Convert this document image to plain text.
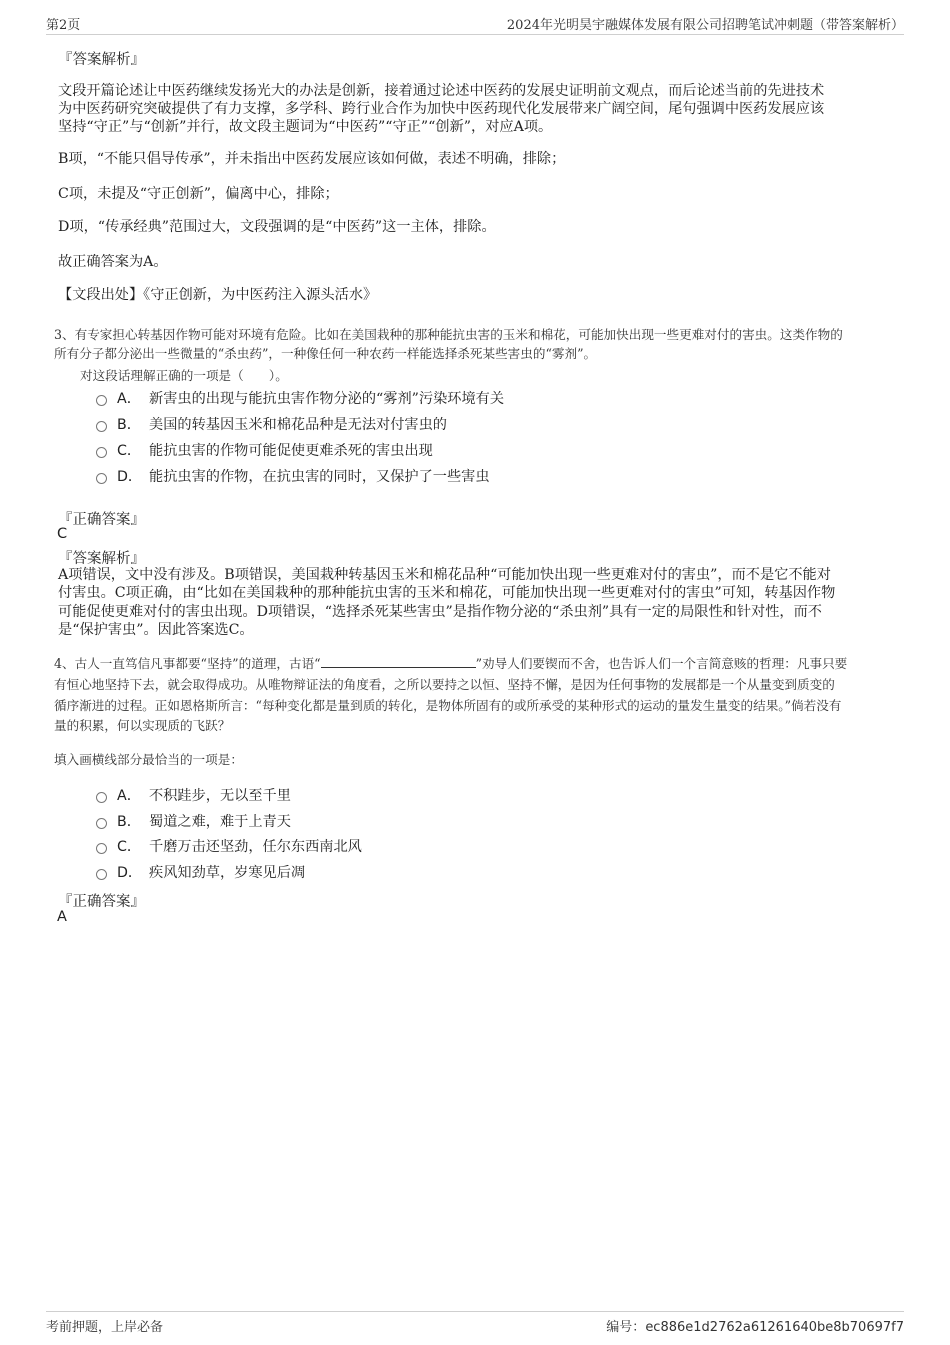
第2页	2024年光明昊宇融媒体发展有限公司招聘笔试冲刺题（带答案解析）
『答案解析』
文段开篇论述让中医药继续发扬光大的办法是创新，接着通过论述中医药的发展史证明前文观点，而后论述当前的先进技术
为中医药研究突破提供了有力支撑，多学科、跨行业合作为加快中医药现代化发展带来广阔空间，尾句强调中医药发展应该
坚持“守正”与“创新”并行，故文段主题词为“中医药”“守正”“创新”，对应A项。
B项，“不能只倡导传承”，并未指出中医药发展应该如何做，表述不明确，排除；
C项，未提及“守正创新”，偏离中心，排除；
D项，“传承经典”范围过大，文段强调的是“中医药”这一主体，排除。
故正确答案为A。
【文段出处】《守正创新，为中医药注入源头活水》
3、有专家担心转基因作物可能对环境有危险。比如在美国栽种的那种能抗虫害的玉米和棉花，可能加快出现一些更难对付的害虫。这类作物的
所有分子都分泌出一些微量的“杀虫药”，一种像任何一种农药一样能选择杀死某些害虫的“雾剂”。
对这段话理解正确的一项是（　　）。
A． 新害虫的出现与能抗虫害作物分泌的“雾剂”污染环境有关
B． 美国的转基因玉米和棉花品种是无法对付害虫的
C． 能抗虫害的作物可能促使更难杀死的害虫出现
D． 能抗虫害的作物，在抗虫害的同时，又保护了一些害虫
『正确答案』
C
『答案解析』
A项错误，文中没有涉及。B项错误，美国栽种转基因玉米和棉花品种“可能加快出现一些更难对付的害虫”，而不是它不能对
付害虫。C项正确，由“比如在美国栽种的那种能抗虫害的玉米和棉花，可能加快出现一些更难对付的害虫”可知，转基因作物
可能促使更难对付的害虫出现。D项错误，“选择杀死某些害虫”是指作物分泌的“杀虫剂”具有一定的局限性和针对性，而不
是“保护害虫”。因此答案选C。
4、古人一直笃信凡事都要“坚持”的道理，古语“	”劝导人们要锲而不舍，也告诉人们一个言简意赅的哲理：凡事只要
有恒心地坚持下去，就会取得成功。从唯物辩证法的角度看，之所以要持之以恒、坚持不懈，是因为任何事物的发展都是一个从量变到质变的
循序渐进的过程。正如恩格斯所言：“每种变化都是量到质的转化，是物体所固有的或所承受的某种形式的运动的量发生量变的结果。”倘若没有
量的积累，何以实现质的飞跃？
填入画横线部分最恰当的一项是：
A． 不积跬步，无以至千里
B． 蜀道之难，难于上青天
C． 千磨万击还坚劲，任尔东西南北风
D． 疾风知劲草，岁寒见后凋
『正确答案』
A
考前押题，上岸必备	编号：ec886e1d2762a61261640be8b70697f7
